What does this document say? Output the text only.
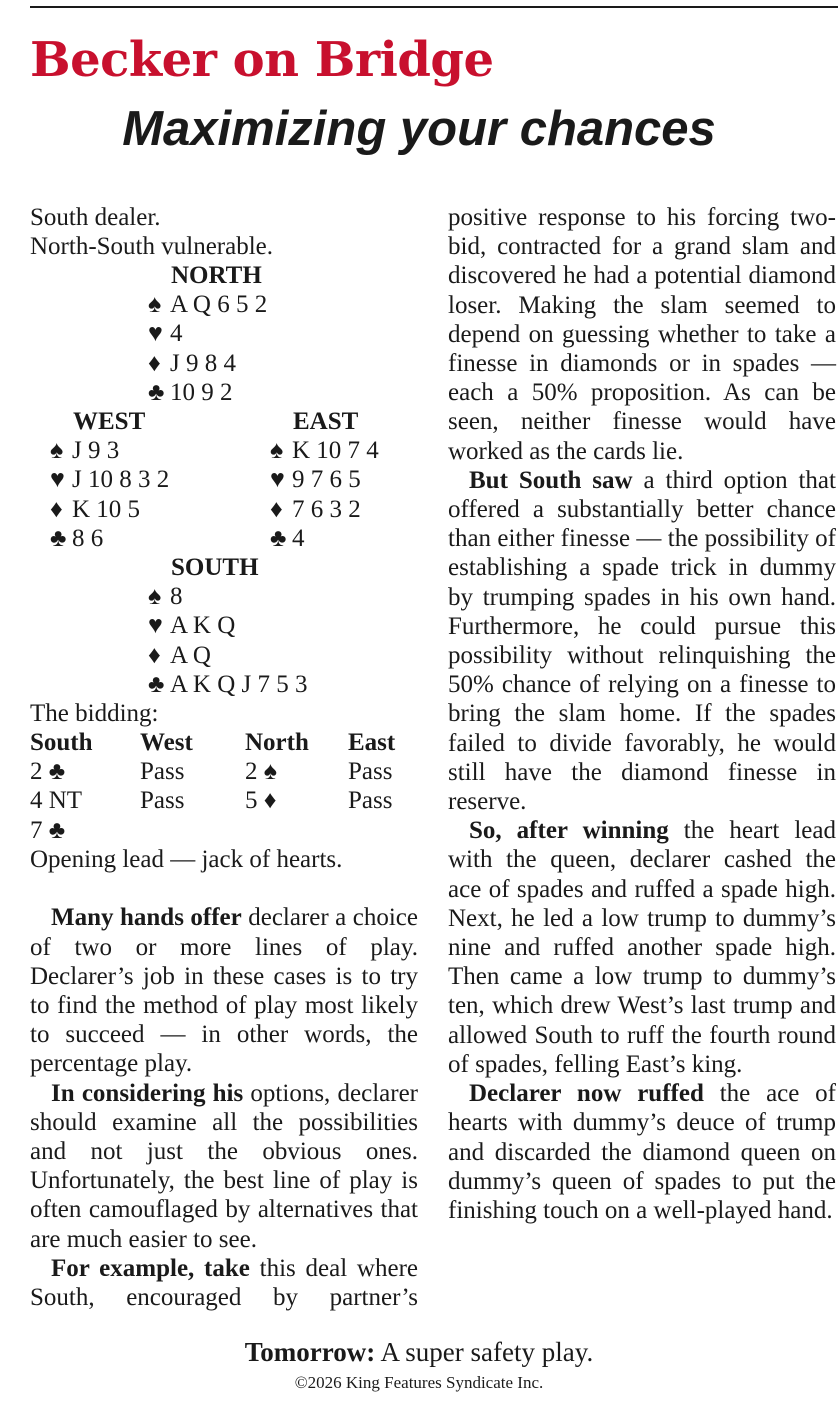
Becker on Bridge
Maximizing your chances
South dealer.
North-South vulnerable.
NORTH
♠ A Q 6 5 2
♥ 4
♦ J 9 8 4
♣ 10 9 2
WEST
♠ J 9 3
♥ J 10 8 3 2
♦ K 10 5
♣ 8 6
EAST
♠ K 10 7 4
♥ 9 7 6 5
♦ 7 6 3 2
♣ 4
SOUTH
♠ 8
♥ A K Q
♦ A Q
♣ A K Q J 7 5 3
The bidding:
South West North East
2 ♣	Pass 2 ♠	Pass
4 NT Pass 5 ♦	Pass
7 ♣
Opening lead — jack of hearts.

Many hands offer declarer a choice of two or more lines of play. Declarer’s job in these cases is to try to find the method of play most likely to succeed — in other words, the percentage play.

In considering his options, declarer should examine all the possibilities and not just the obvious ones. Unfortunately, the best line of play is often camouflaged by alternatives that are much easier to see.

For example, take this deal where South, encouraged by partner’s

positive response to his forcing two-bid, contracted for a grand slam and discovered he had a potential diamond loser. Making the slam seemed to depend on guessing whether to take a finesse in diamonds or in spades — each a 50% proposition. As can be seen, neither finesse would have worked as the cards lie.

But South saw a third option that offered a substantially better chance than either finesse — the possibility of establishing a spade trick in dummy by trumping spades in his own hand. Furthermore, he could pursue this possibility without relinquishing the 50% chance of relying on a finesse to bring the slam home. If the spades failed to divide favorably, he would still have the diamond finesse in reserve.

So, after winning the heart lead with the queen, declarer cashed the ace of spades and ruffed a spade high. Next, he led a low trump to dummy’s nine and ruffed another spade high. Then came a low trump to dummy’s ten, which drew West’s last trump and allowed South to ruff the fourth round of spades, felling East’s king.

Declarer now ruffed the ace of hearts with dummy’s deuce of trump and discarded the diamond queen on dummy’s queen of spades to put the finishing touch on a well-played hand.

Tomorrow: A super safety play.
©2026 King Features Syndicate Inc.
